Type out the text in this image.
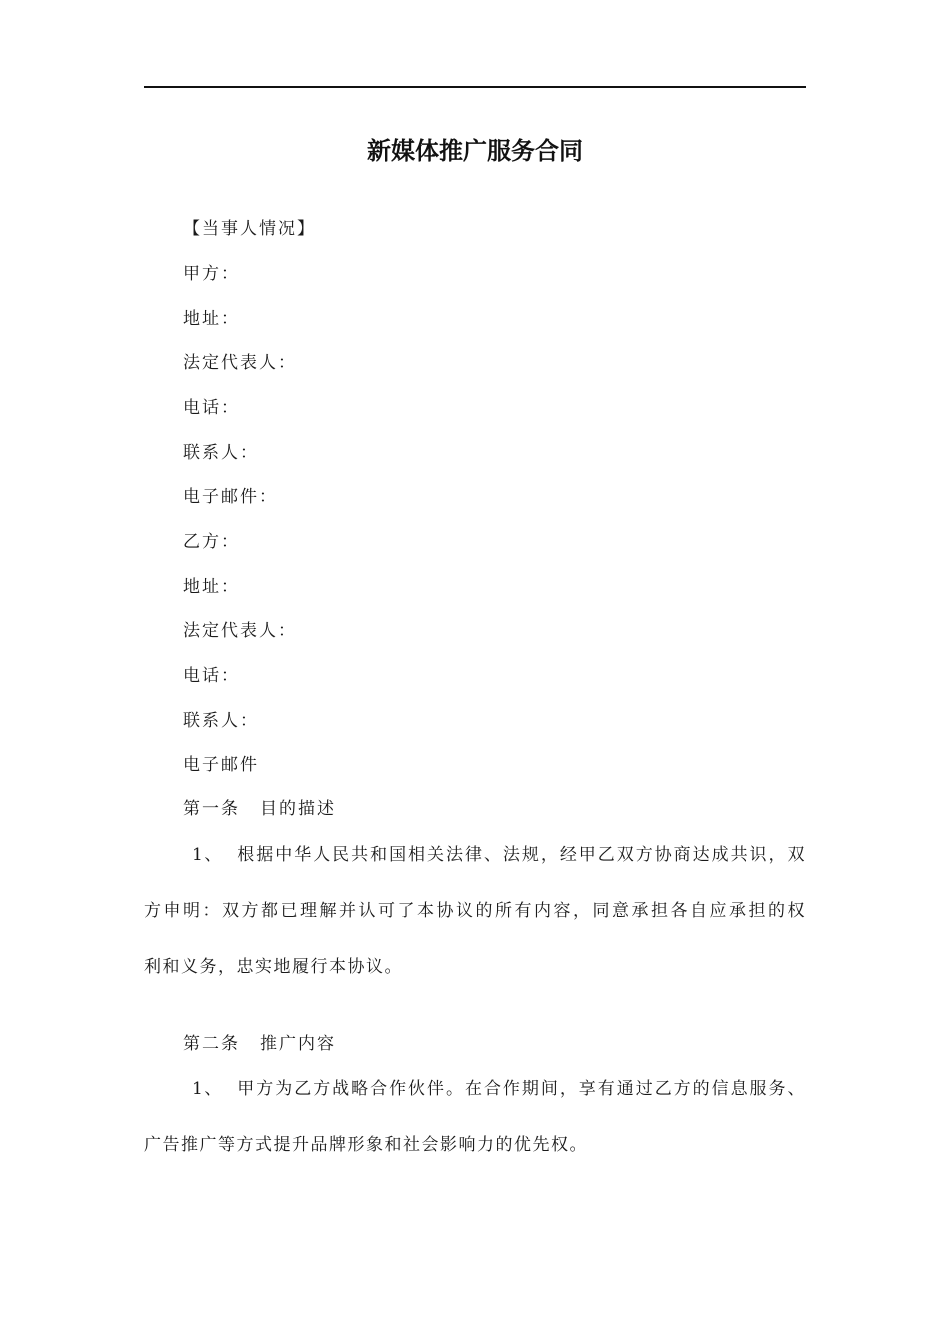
新媒体推广服务合同
【当事人情况】
甲方：
地址：
法定代表人：
电话：
联系人：
电子邮件：
乙方：
地址：
法定代表人：
电话：
联系人：
电子邮件
第一条 目的描述
1、 根据中华人民共和国相关法律、法规，经甲乙双方协商达成共识，双
方申明：双方都已理解并认可了本协议的所有内容，同意承担各自应承担的权
利和义务，忠实地履行本协议。
第二条 推广内容
1、 甲方为乙方战略合作伙伴。在合作期间，享有通过乙方的信息服务、
广告推广等方式提升品牌形象和社会影响力的优先权。
